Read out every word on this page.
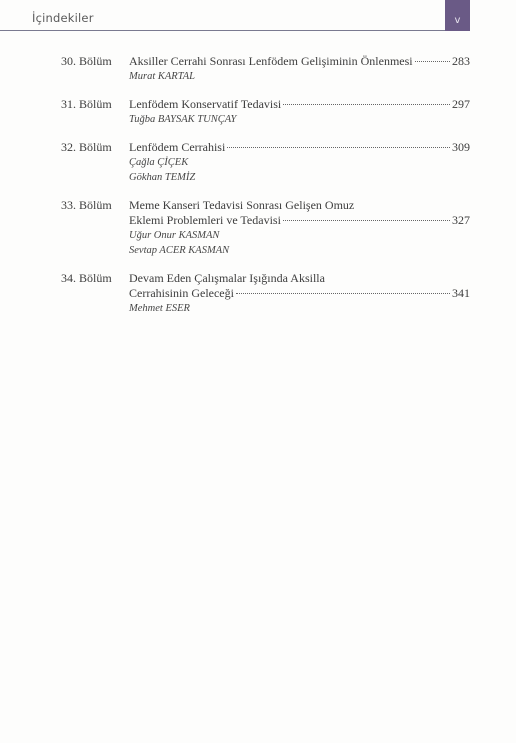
İçindekiler	v
30. Bölüm Aksiller Cerrahi Sonrası Lenfödem Gelişiminin Önlenmesi	283
Murat KARTAL
31. Bölüm Lenfödem Konservatif Tedavisi	297
Tuğba BAYSAK TUNÇAY
32. Bölüm Lenfödem Cerrahisi	309
Çağla ÇİÇEK
Gökhan TEMİZ
33. Bölüm Meme Kanseri Tedavisi Sonrası Gelişen Omuz
Eklemi Problemleri ve Tedavisi	327
Uğur Onur KASMAN
Sevtap ACER KASMAN
34. Bölüm Devam Eden Çalışmalar Işığında Aksilla
Cerrahisinin Geleceği	341
Mehmet ESER
